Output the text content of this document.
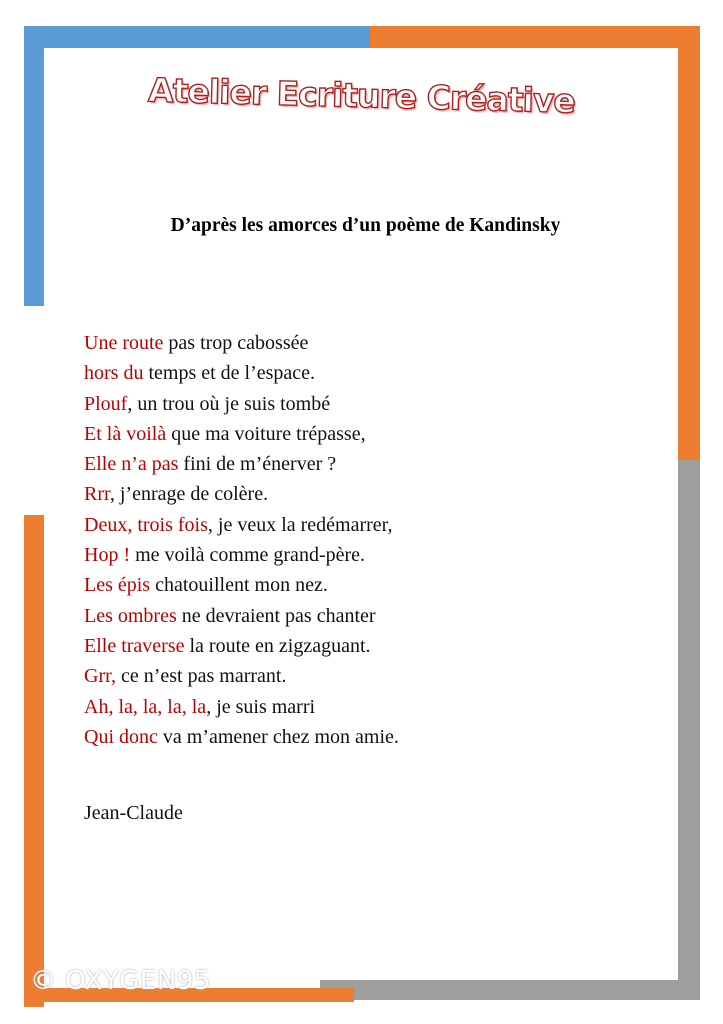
Atelier Ecriture Créative
D’après les amorces d’un poème de Kandinsky
Une route pas trop cabossée
hors du temps et de l’espace.
Plouf, un trou où je suis tombé
Et là voilà que ma voiture trépasse,
Elle n’a pas fini de m’énerver ?
Rrr, j’enrage de colère.
Deux, trois fois, je veux la redémarrer,
Hop ! me voilà comme grand-père.
Les épis chatouillent mon nez.
Les ombres ne devraient pas chanter
Elle traverse la route en zigzaguant.
Grr, ce n’est pas marrant.
Ah, la, la, la, la, je suis marri
Qui donc va m’amener chez mon amie.
Jean-Claude
© OXYGEN95
